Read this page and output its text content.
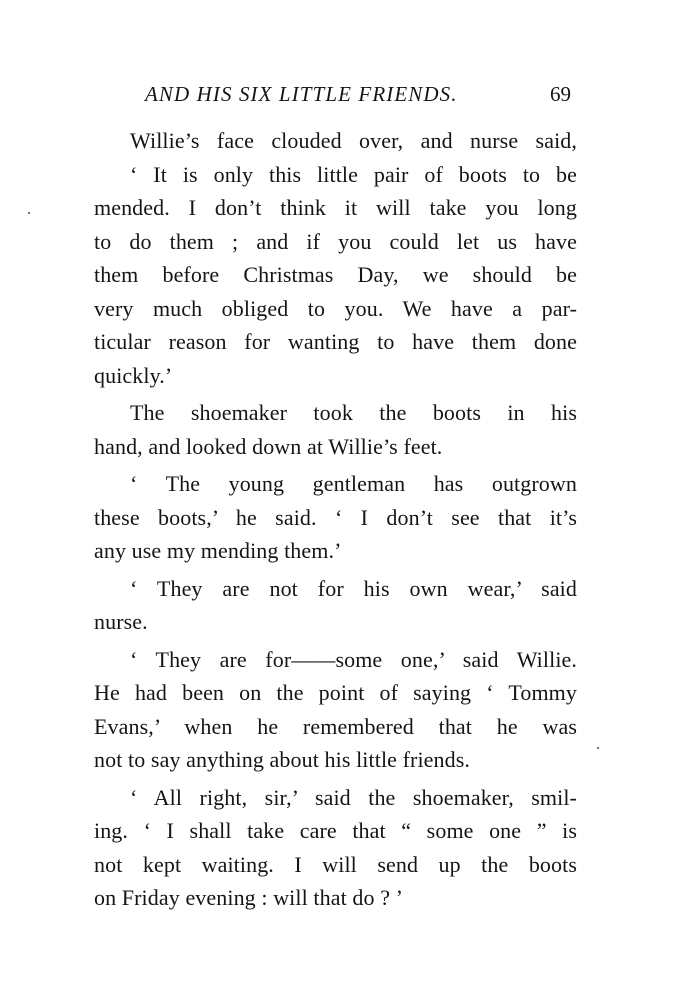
AND HIS SIX LITTLE FRIENDS.	69
Willie’s face clouded over, and nurse said,
‘ It is only this little pair of boots to be
mended. I don’t think it will take you long
to do them ; and if you could let us have
them before Christmas Day, we should be
very much obliged to you. We have a par-
ticular reason for wanting to have them done
quickly.’
The shoemaker took the boots in his
hand, and looked down at Willie’s feet.
‘ The young gentleman has outgrown
these boots,’ he said. ‘ I don’t see that it’s
any use my mending them.’
‘ They are not for his own wear,’ said
nurse.
‘ They are for——some one,’ said Willie.
He had been on the point of saying ‘ Tommy
Evans,’ when he remembered that he was
not to say anything about his little friends.
‘ All right, sir,’ said the shoemaker, smil-
ing. ‘ I shall take care that “ some one ” is
not kept waiting. I will send up the boots
on Friday evening : will that do ? ’
